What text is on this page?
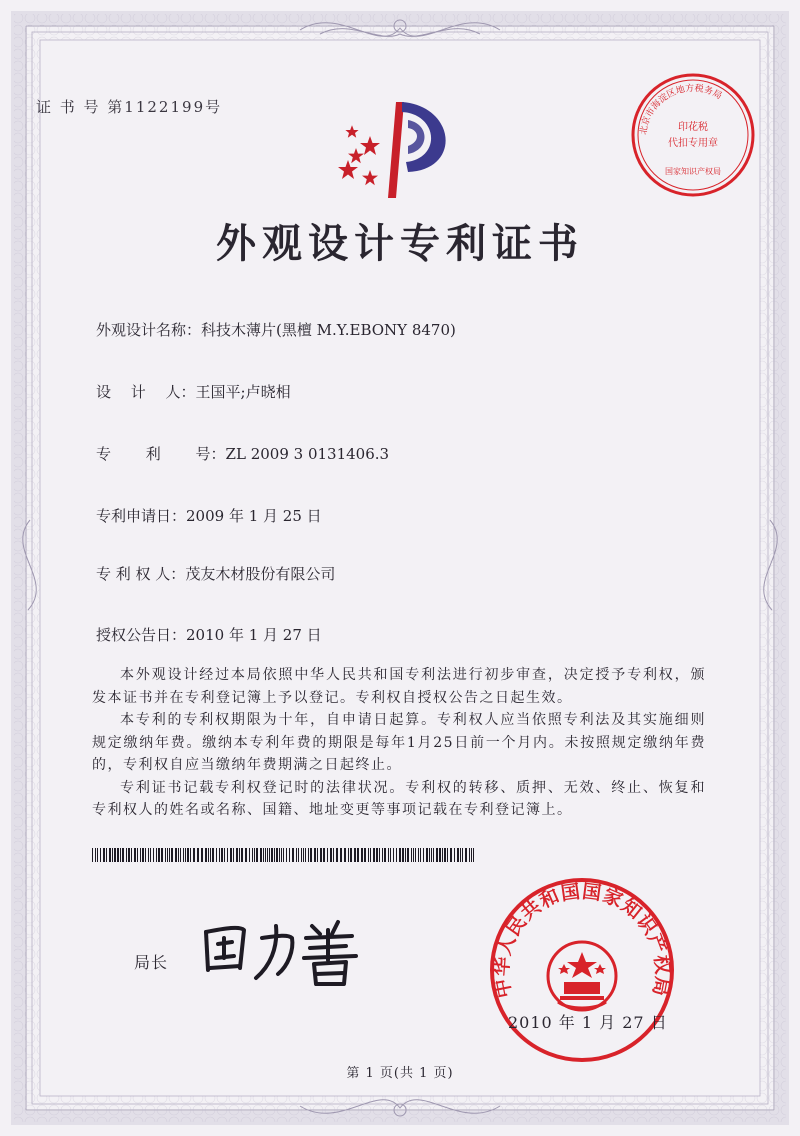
证 书 号 第1122199号
北京市海淀区地方税务局
印花税
代扣专用章
国家知识产权局
外观设计专利证书
外观设计名称：科技木薄片(黑檀 M.Y.EBONY 8470)
设　 计　 人：王国平;卢晓相
专　 　利　 　号：ZL 2009 3 0131406.3
专利申请日：2009 年 1 月 25 日
专 利 权 人：茂友木材股份有限公司
授权公告日：2010 年 1 月 27 日

本外观设计经过本局依照中华人民共和国专利法进行初步审查，决定授予专利权，颁发本证书并在专利登记簿上予以登记。专利权自授权公告之日起生效。

本专利的专利权期限为十年，自申请日起算。专利权人应当依照专利法及其实施细则规定缴纳年费。缴纳本专利年费的期限是每年1月25日前一个月内。未按照规定缴纳年费的，专利权自应当缴纳年费期满之日起终止。

专利证书记载专利权登记时的法律状况。专利权的转移、质押、无效、终止、恢复和专利权人的姓名或名称、国籍、地址变更等事项记载在专利登记簿上。

局长
中华人民共和国国家知识产权局
2010 年 1 月 27 日
第 1 页(共 1 页)
